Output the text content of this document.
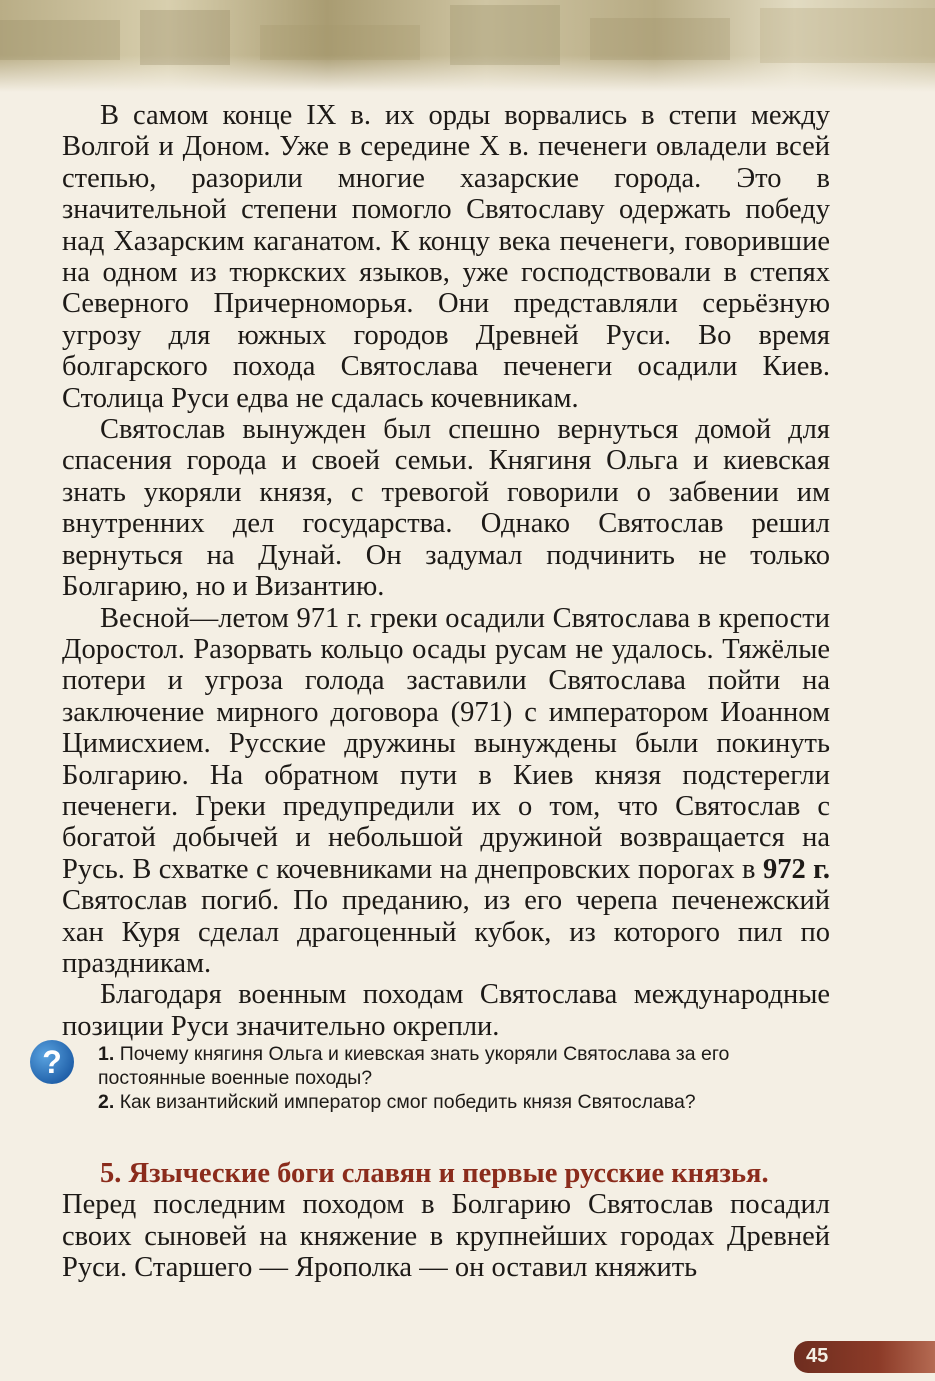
В самом конце IX в. их орды ворвались в степи между Волгой и Доном. Уже в середине X в. печенеги овладели всей степью, разорили многие хазарские города. Это в значительной степени помогло Святославу одержать победу над Хазарским каганатом. К концу века печенеги, говорившие на одном из тюркских языков, уже господствовали в степях Северного Причерноморья. Они представляли серьёзную угрозу для южных городов Древней Руси. Во время болгарского похода Святослава печенеги осадили Киев. Столица Руси едва не сдалась кочевникам.

Святослав вынужден был спешно вернуться домой для спасения города и своей семьи. Княгиня Ольга и киевская знать укоряли князя, с тревогой говорили о забвении им внутренних дел государства. Однако Святослав решил вернуться на Дунай. Он задумал подчинить не только Болгарию, но и Византию.

Весной—летом 971 г. греки осадили Святослава в крепости Доростол. Разорвать кольцо осады русам не удалось. Тяжёлые потери и угроза голода заставили Святослава пойти на заключение мирного договора (971) с императором Иоанном Цимисхием. Русские дружины вынуждены были покинуть Болгарию. На обратном пути в Киев князя подстерегли печенеги. Греки предупредили их о том, что Святослав с богатой добычей и небольшой дружиной возвращается на Русь. В схватке с кочевниками на днепровских порогах в 972 г. Святослав погиб. По преданию, из его черепа печенежский хан Куря сделал драгоценный кубок, из которого пил по праздникам.

Благодаря военным походам Святослава международные позиции Руси значительно окрепли.

?	1. Почему княгиня Ольга и киевская знать укоряли Святослава за его постоянные военные походы?
2. Как византийский император смог победить князя Святослава?
5. Языческие боги славян и первые русские князья.

Перед последним походом в Болгарию Святослав посадил своих сыновей на княжение в крупнейших городах Древней Руси. Старшего — Ярополка — он оставил княжить

45
